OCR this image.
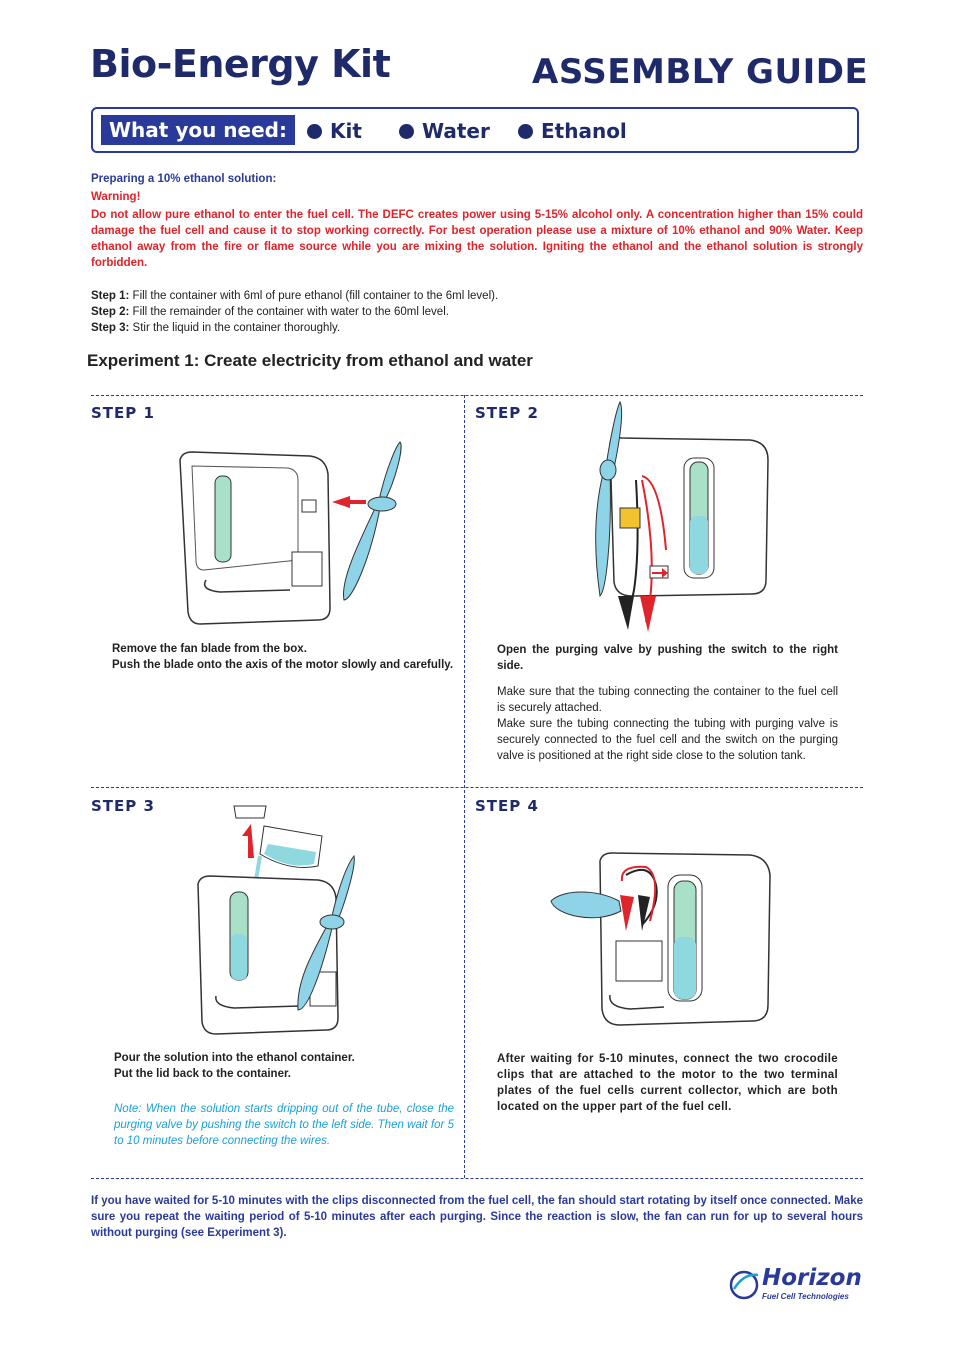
Bio-Energy Kit	ASSEMBLY GUIDE
What you need:	Kit	Water	Ethanol
Preparing a 10% ethanol solution:
Warning!
Do not allow pure ethanol to enter the fuel cell. The DEFC creates power using 5-15% alcohol only. A concentration higher than 15% could damage the fuel cell and cause it to stop working correctly. For best operation please use a mixture of 10% ethanol and 90% Water. Keep ethanol away from the fire or flame source while you are mixing the solution. Igniting the ethanol and the ethanol solution is strongly forbidden.
Step 1: Fill the container with 6ml of pure ethanol (fill container to the 6ml level).
Step 2: Fill the remainder of the container with water to the 60ml level.
Step 3: Stir the liquid in the container thoroughly.
Experiment 1: Create electricity from ethanol and water
STEP 1
Remove the fan blade from the box.
Push the blade onto the axis of the motor slowly and carefully.
STEP 2
Open the purging valve by pushing the switch to the right side.
Make sure that the tubing connecting the container to the fuel cell is securely attached.
Make sure the tubing connecting the tubing with purging valve is securely connected to the fuel cell and the switch on the purging valve is positioned at the right side close to the solution tank.
STEP 3
Pour the solution into the ethanol container.
Put the lid back to the container.
Note: When the solution starts dripping out of the tube, close the purging valve by pushing the switch to the left side. Then wait for 5 to 10 minutes before connecting the wires.
STEP 4
After waiting for 5-10 minutes, connect the two crocodile clips that are attached to the motor to the two terminal plates of the fuel cells current collector, which are both located on the upper part of the fuel cell.
If you have waited for 5-10 minutes with the clips disconnected from the fuel cell, the fan should start rotating by itself once connected. Make sure you repeat the waiting period of 5-10 minutes after each purging. Since the reaction is slow, the fan can run for up to several hours without purging (see Experiment 3).
Horizon
Fuel Cell Technologies
